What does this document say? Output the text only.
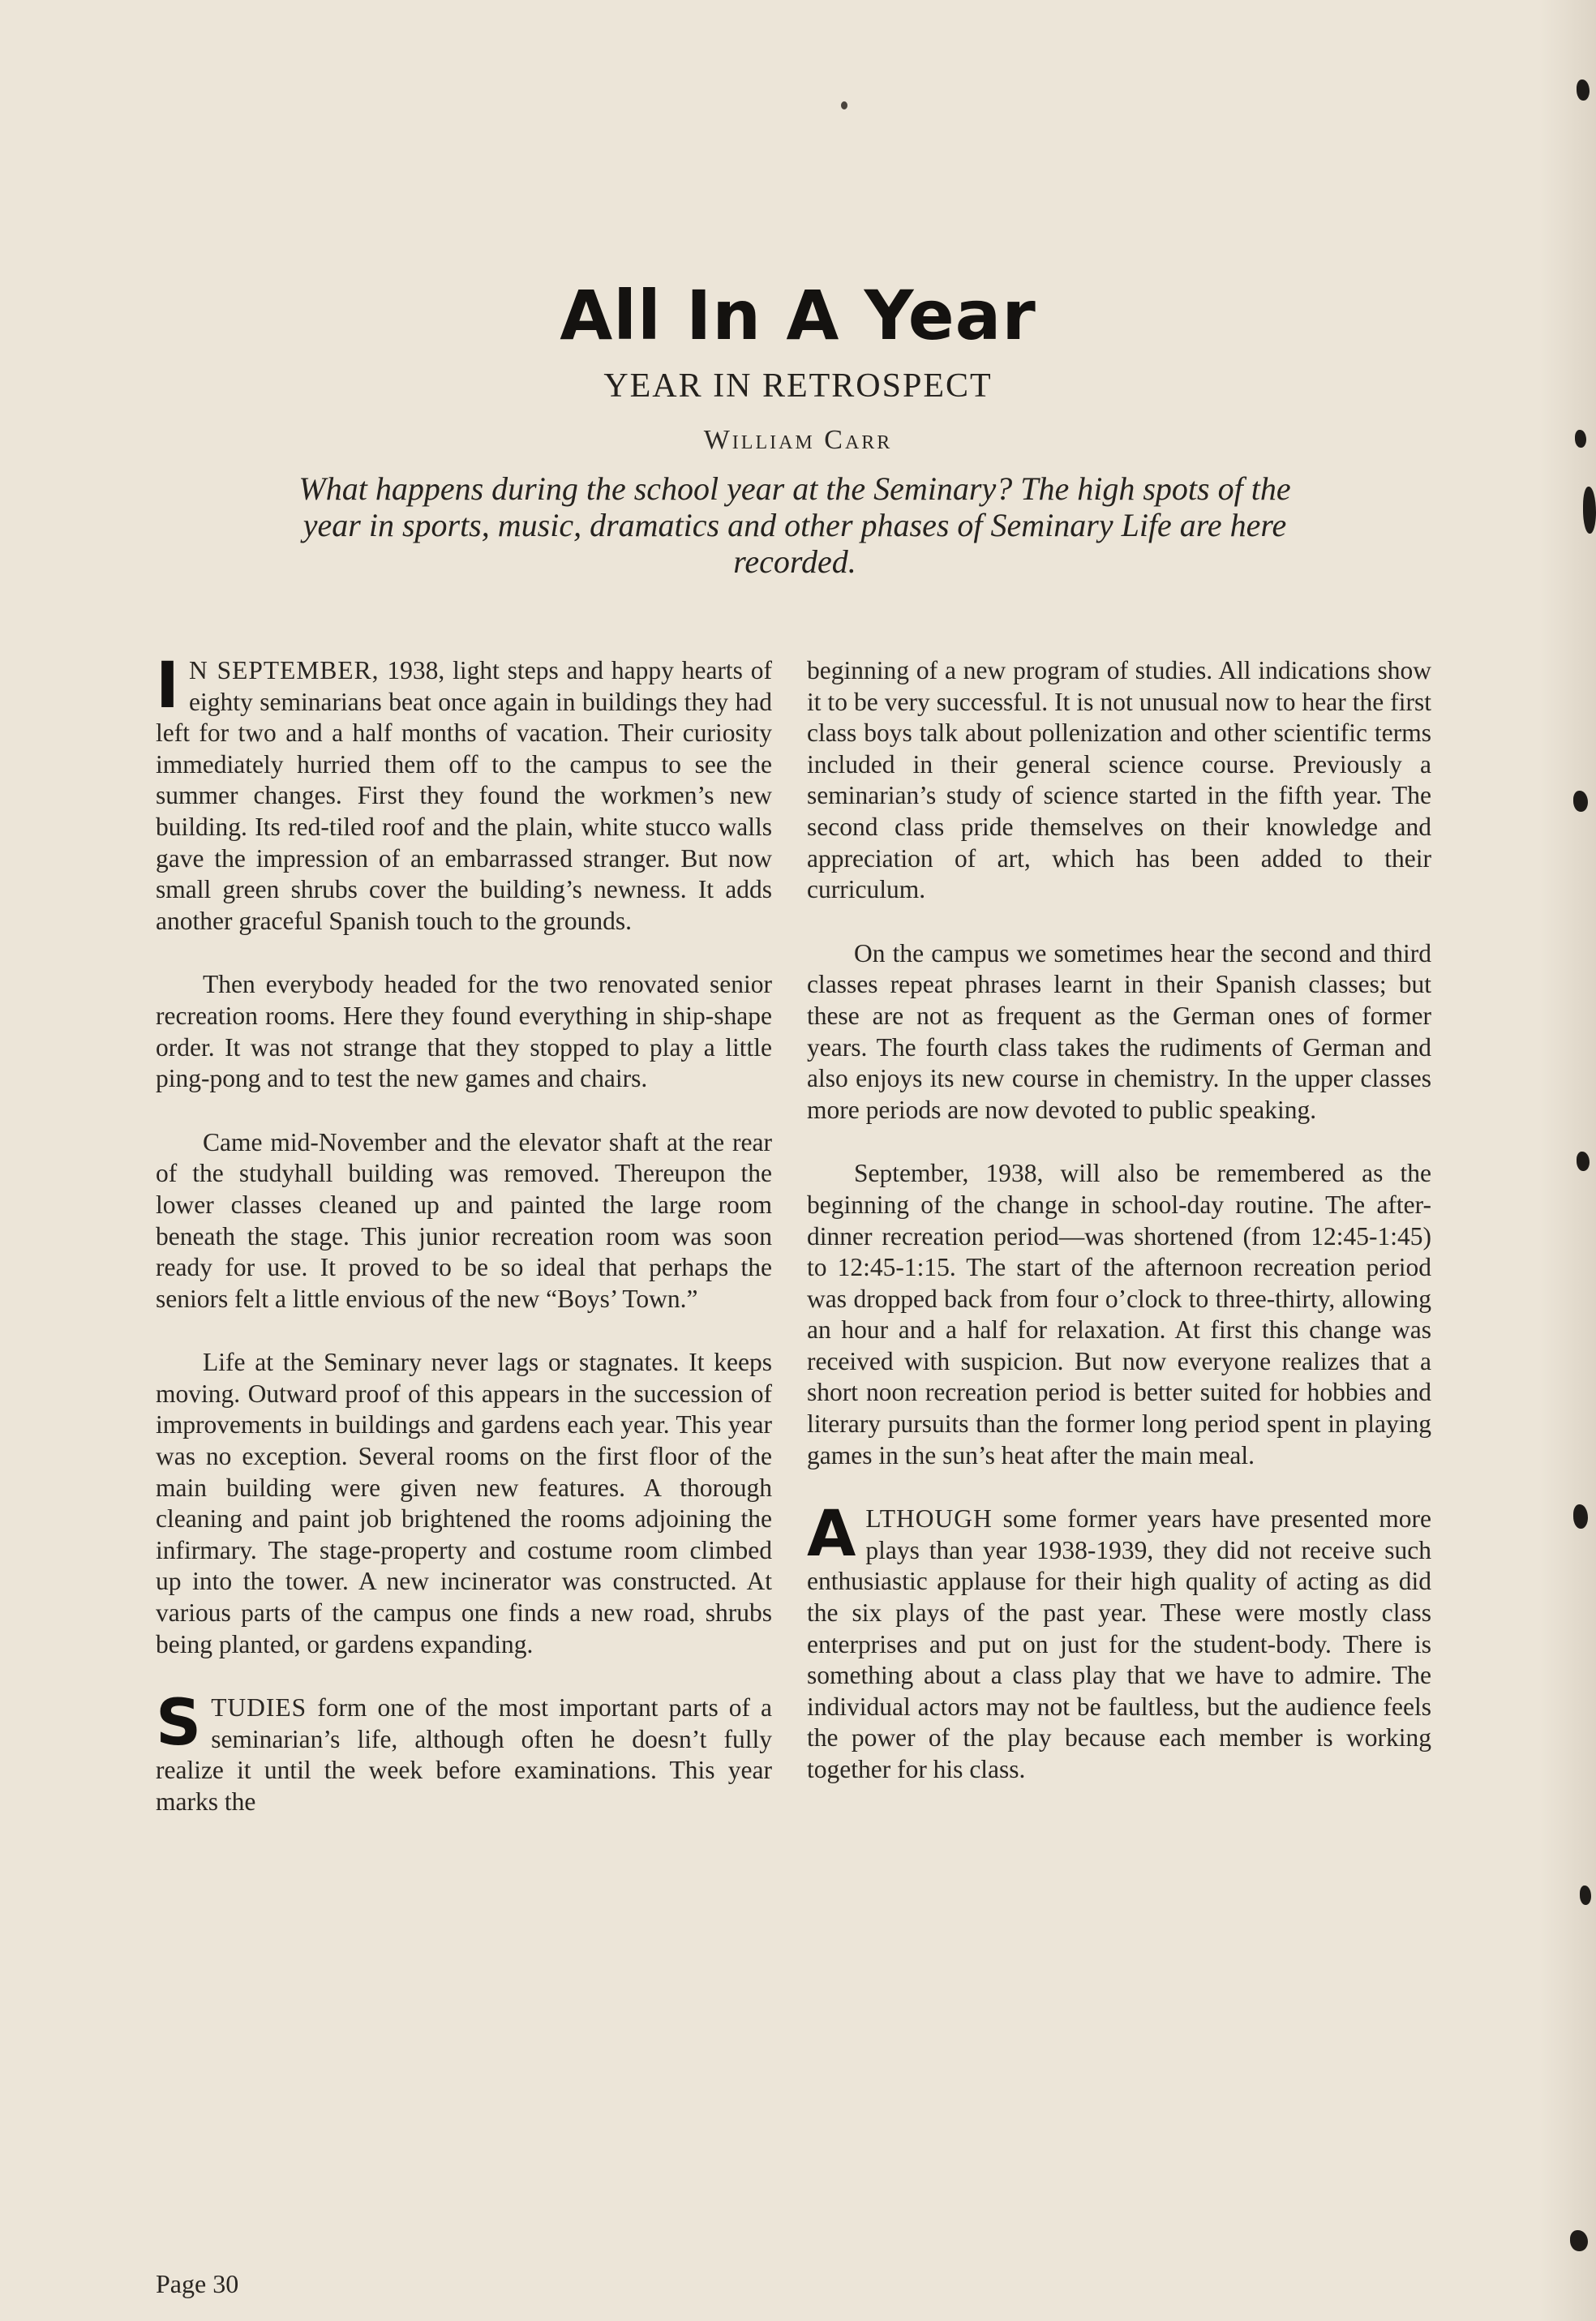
All In A Year
YEAR IN RETROSPECT
William Carr
What happens during the school year at the Seminary? The high spots of the year in sports, music, dramatics and other phases of Seminary Life are here recorded.

I N SEPTEMBER, 1938, light steps and happy hearts of eighty seminarians beat once again in buildings they had left for two and a half months of vacation. Their curiosity immediately hurried them off to the campus to see the summer changes. First they found the workmen’s new building. Its red-tiled roof and the plain, white stucco walls gave the impression of an embarrassed stranger. But now small green shrubs cover the building’s newness. It adds another graceful Spanish touch to the grounds.

Then everybody headed for the two renovated senior recreation rooms. Here they found everything in ship-shape order. It was not strange that they stopped to play a little ping-pong and to test the new games and chairs.

Came mid-November and the elevator shaft at the rear of the studyhall building was removed. Thereupon the lower classes cleaned up and painted the large room beneath the stage. This junior recreation room was soon ready for use. It proved to be so ideal that perhaps the seniors felt a little envious of the new “Boys’ Town.”

Life at the Seminary never lags or stagnates. It keeps moving. Outward proof of this appears in the succession of improvements in buildings and gardens each year. This year was no exception. Several rooms on the first floor of the main building were given new features. A thorough cleaning and paint job brightened the rooms adjoining the infirmary. The stage-property and costume room climbed up into the tower. A new incinerator was constructed. At various parts of the campus one finds a new road, shrubs being planted, or gardens expanding.

STUDIES form one of the most important parts of a seminarian’s life, although often he doesn’t fully realize it until the week before examinations. This year marks the

beginning of a new program of studies. All indications show it to be very successful. It is not unusual now to hear the first class boys talk about pollenization and other scientific terms included in their general science course. Previously a seminarian’s study of science started in the fifth year. The second class pride themselves on their knowledge and appreciation of art, which has been added to their curriculum.

On the campus we sometimes hear the second and third classes repeat phrases learnt in their Spanish classes; but these are not as frequent as the German ones of former years. The fourth class takes the rudiments of German and also enjoys its new course in chemistry. In the upper classes more periods are now devoted to public speaking.

September, 1938, will also be remembered as the beginning of the change in school-day routine. The after-dinner recreation period—was shortened (from 12:45-1:45) to 12:45-1:15. The start of the afternoon recreation period was dropped back from four o’clock to three-thirty, allowing an hour and a half for relaxation. At first this change was received with suspicion. But now everyone realizes that a short noon recreation period is better suited for hobbies and literary pursuits than the former long period spent in playing games in the sun’s heat after the main meal.

ALTHOUGH some former years have presented more plays than year 1938-1939, they did not receive such enthusiastic applause for their high quality of acting as did the six plays of the past year. These were mostly class enterprises and put on just for the student-body. There is something about a class play that we have to admire. The individual actors may not be faultless, but the audience feels the power of the play because each member is working together for his class.

Page 30
